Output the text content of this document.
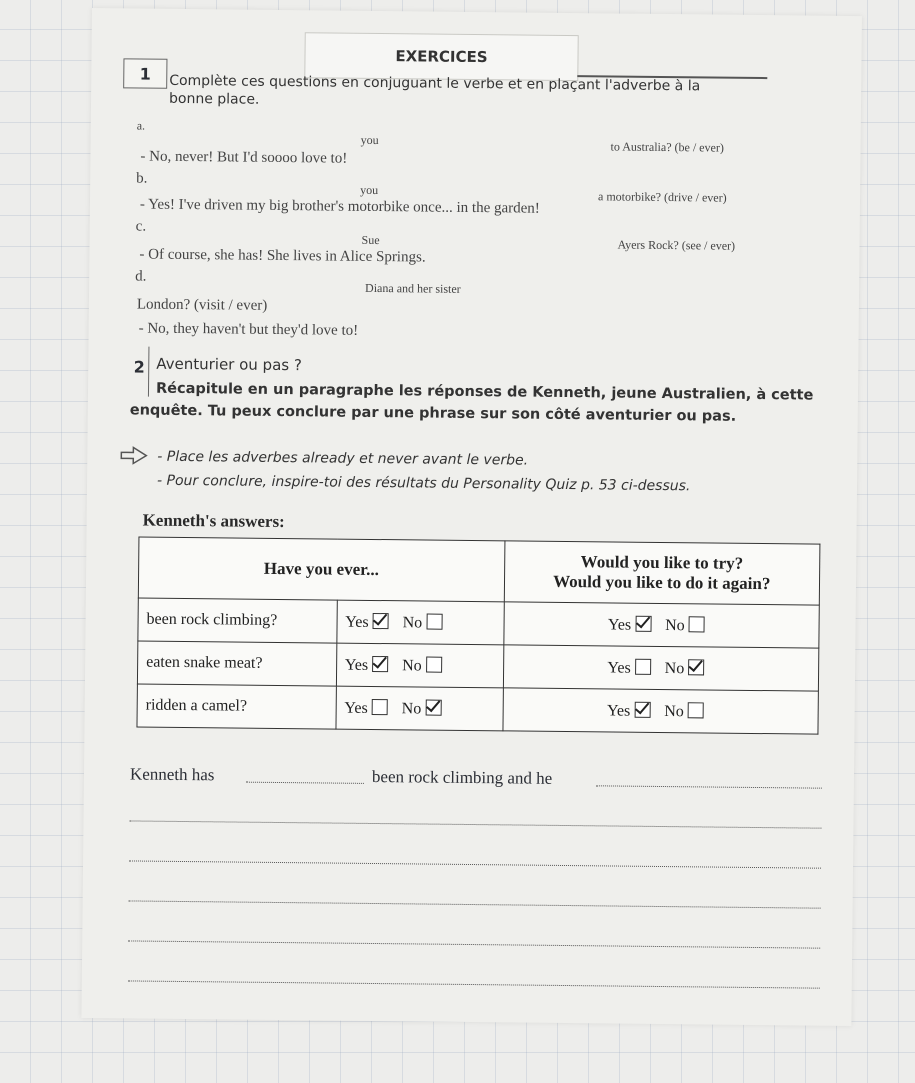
EXERCICES
1	Complète ces questions en conjuguant le verbe et en plaçant l'adverbe à la
bonne place.
a.
you	to Australia? (be / ever)
- No, never! But I'd soooo love to!
b.
you	a motorbike? (drive / ever)
- Yes! I've driven my big brother's motorbike once... in the garden!
c.
Sue	Ayers Rock? (see / ever)
- Of course, she has! She lives in Alice Springs.
d.
Diana and her sister
London? (visit / ever)
- No, they haven't but they'd love to!
2 Aventurier ou pas ?
Récapitule en un paragraphe les réponses de Kenneth, jeune Australien, à cette
enquête. Tu peux conclure par une phrase sur son côté aventurier ou pas.
- Place les adverbes already et never avant le verbe.
- Pour conclure, inspire-toi des résultats du Personality Quiz p. 53 ci-dessus.
Kenneth's answers:
Have you ever...		Would you like to try?
Would you like to do it again?

been rock climbing?	Yes No	Yes No
eaten snake meat?	Yes No	Yes No
ridden a camel?	Yes No	Yes No
Kenneth has	been rock climbing and he
